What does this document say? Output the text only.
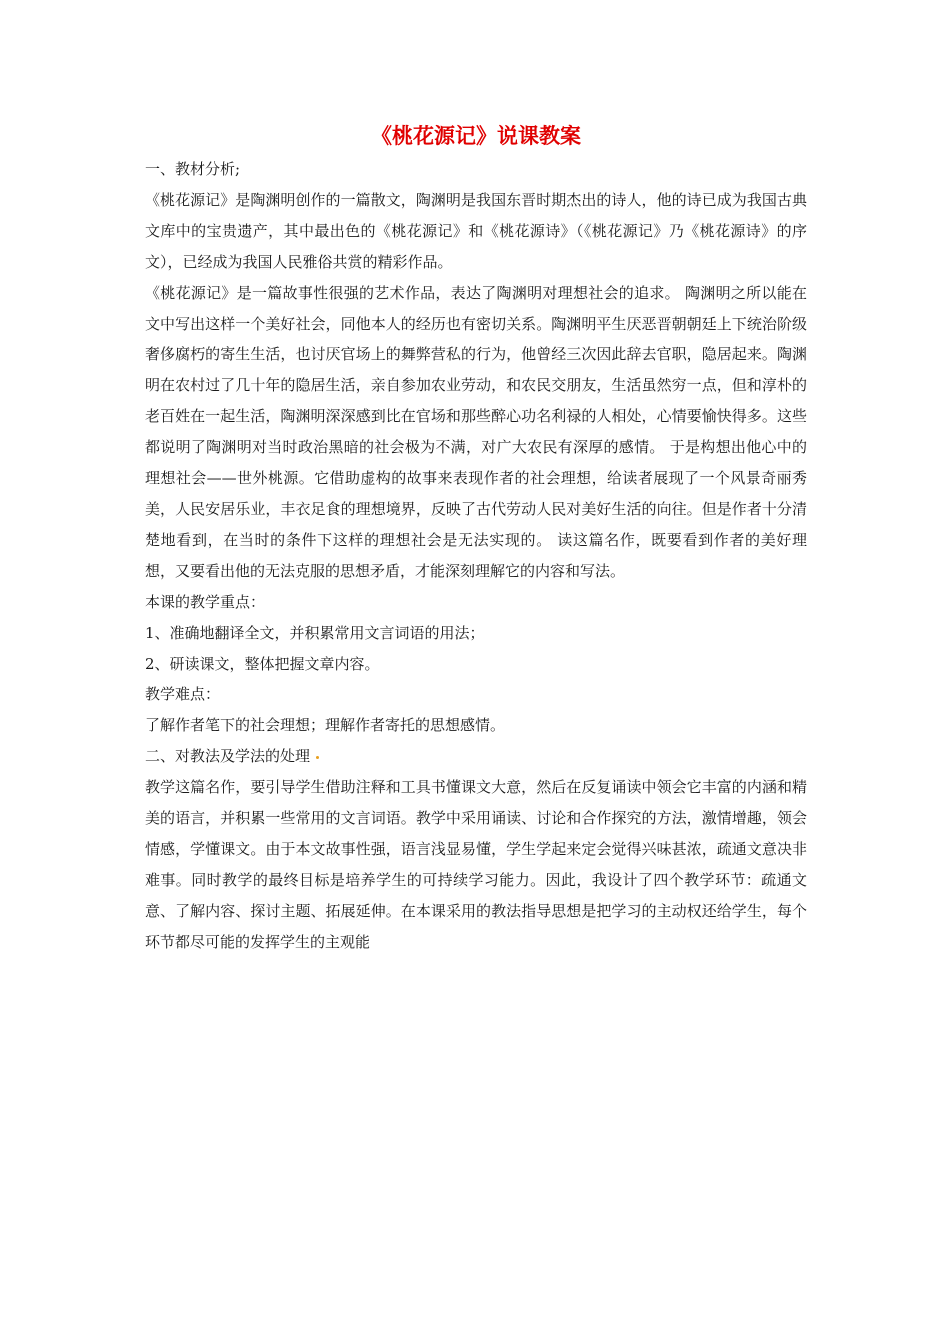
《桃花源记》说课教案

一、教材分析;

《桃花源记》是陶渊明创作的一篇散文，陶渊明是我国东晋时期杰出的诗人，他的诗已成为我国古典文库中的宝贵遗产，其中最出色的《桃花源记》和《桃花源诗》（《桃花源记》乃《桃花源诗》的序文），已经成为我国人民雅俗共赏的精彩作品。

《桃花源记》是一篇故事性很强的艺术作品，表达了陶渊明对理想社会的追求。 陶渊明之所以能在文中写出这样一个美好社会，同他本人的经历也有密切关系。陶渊明平生厌恶晋朝朝廷上下统治阶级奢侈腐朽的寄生生活，也讨厌官场上的舞弊营私的行为，他曾经三次因此辞去官职，隐居起来。陶渊明在农村过了几十年的隐居生活，亲自参加农业劳动，和农民交朋友，生活虽然穷一点，但和淳朴的老百姓在一起生活，陶渊明深深感到比在官场和那些醉心功名利禄的人相处，心情要愉快得多。这些都说明了陶渊明对当时政治黑暗的社会极为不满，对广大农民有深厚的感情。 于是构想出他心中的理想社会——世外桃源。它借助虚构的故事来表现作者的社会理想，给读者展现了一个风景奇丽秀美，人民安居乐业，丰衣足食的理想境界，反映了古代劳动人民对美好生活的向往。但是作者十分清楚地看到，在当时的条件下这样的理想社会是无法实现的。 读这篇名作，既要看到作者的美好理想，又要看出他的无法克服的思想矛盾，才能深刻理解它的内容和写法。

本课的教学重点：

1、准确地翻译全文，并积累常用文言词语的用法；

2、研读课文，整体把握文章内容。

教学难点：

了解作者笔下的社会理想；理解作者寄托的思想感情。

二、对教法及学法的处理

教学这篇名作，要引导学生借助注释和工具书懂课文大意，然后在反复诵读中领会它丰富的内涵和精美的语言，并积累一些常用的文言词语。教学中采用诵读、讨论和合作探究的方法，激情增趣，领会情感，学懂课文。由于本文故事性强，语言浅显易懂，学生学起来定会觉得兴味甚浓，疏通文意决非难事。同时教学的最终目标是培养学生的可持续学习能力。因此，我设计了四个教学环节：疏通文意、了解内容、探讨主题、拓展延伸。在本课采用的教法指导思想是把学习的主动权还给学生，每个环节都尽可能的发挥学生的主观能
